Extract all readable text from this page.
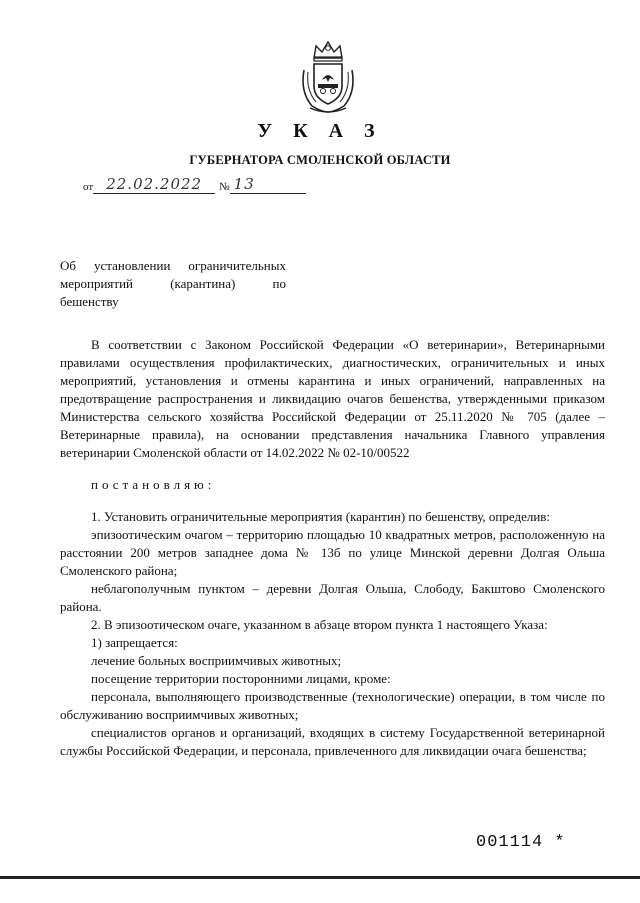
У К А З
ГУБЕРНАТОРА СМОЛЕНСКОЙ ОБЛАСТИ
от 22.02.2022	№ 13
Об установлении ограничительных
мероприятий (карантина) по
бешенству

В соответствии с Законом Российской Федерации «О ветеринарии», Ветеринарными правилами осуществления профилактических, диагностических, ограничительных и иных мероприятий, установления и отмены карантина и иных ограничений, направленных на предотвращение распространения и ликвидацию очагов бешенства, утвержденными приказом Министерства сельского хозяйства Российской Федерации от 25.11.2020 № 705 (далее – Ветеринарные правила), на основании представления начальника Главного управления ветеринарии Смоленской области от 14.02.2022 № 02-10/00522

постановляю:

1. Установить ограничительные мероприятия (карантин) по бешенству, определив:

эпизоотическим очагом – территорию площадью 10 квадратных метров, расположенную на расстоянии 200 метров западнее дома № 13б по улице Минской деревни Долгая Ольша Смоленского района;

неблагополучным пунктом – деревни Долгая Ольша, Слободу, Бакштово Смоленского района.

2. В эпизоотическом очаге, указанном в абзаце втором пункта 1 настоящего Указа:

1) запрещается:

лечение больных восприимчивых животных;

посещение территории посторонними лицами, кроме:

персонала, выполняющего производственные (технологические) операции, в том числе по обслуживанию восприимчивых животных;

специалистов органов и организаций, входящих в систему Государственной ветеринарной службы Российской Федерации, и персонала, привлеченного для ликвидации очага бешенства;

001114 *
